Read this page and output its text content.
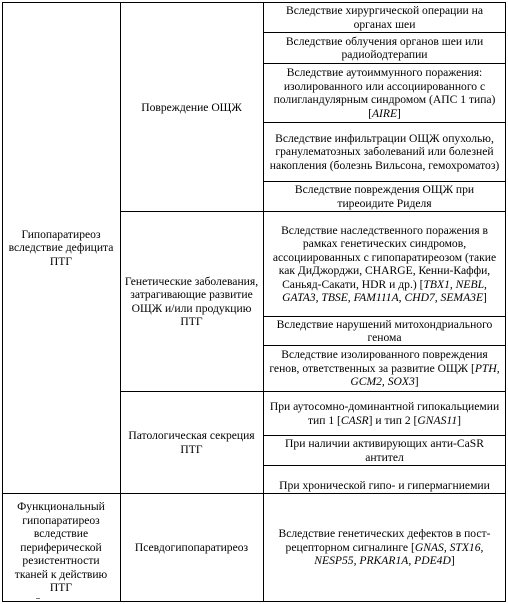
Гипопаратиреоз вследствие дефицита ПТГ
Функциональный гипопаратиреоз вследствие периферической резистентности тканей к действию ПТГ
Повреждение ОЩЖ
Генетические заболевания, затрагивающие развитие ОЩЖ и/или продукцию ПТГ
Патологическая секреция ПТГ
Псевдогипопаратиреоз
Вследствие хирургической операции на органах шеи
Вследствие облучения органов шеи или радиойодтерапии
Вследствие аутоиммунного поражения: изолированного или ассоциированного с полигландулярным синдромом (АПС 1 типа) [AIRE]
Вследствие инфильтрации ОЩЖ опухолью, гранулематозных заболеваний или болезней накопления (болезнь Вильсона, гемохроматоз)
Вследствие повреждения ОЩЖ при тиреоидите Риделя
Вследствие наследственного поражения в рамках генетических синдромов, ассоциированных с гипопаратиреозом (такие как ДиДжорджи, CHARGE, Кенни-Каффи, Саньяд-Сакати, HDR и др.) [TBX1, NEBL, GATA3, TBSE, FAM111A, CHD7, SEMA3E]
Вследствие нарушений митохондриального генома
Вследствие изолированного повреждения генов, ответственных за развитие ОЩЖ [PTH, GCM2, SOX3]
При аутосомно-доминантной гипокальциемии тип 1 [CASR] и тип 2 [GNAS11]
При наличии активирующих анти-CaSR антител
При хронической гипо- и гипермагниемии
Вследствие генетических дефектов в пост-рецепторном сигналинге [GNAS, STX16, NESP55, PRKAR1A, PDE4D]
